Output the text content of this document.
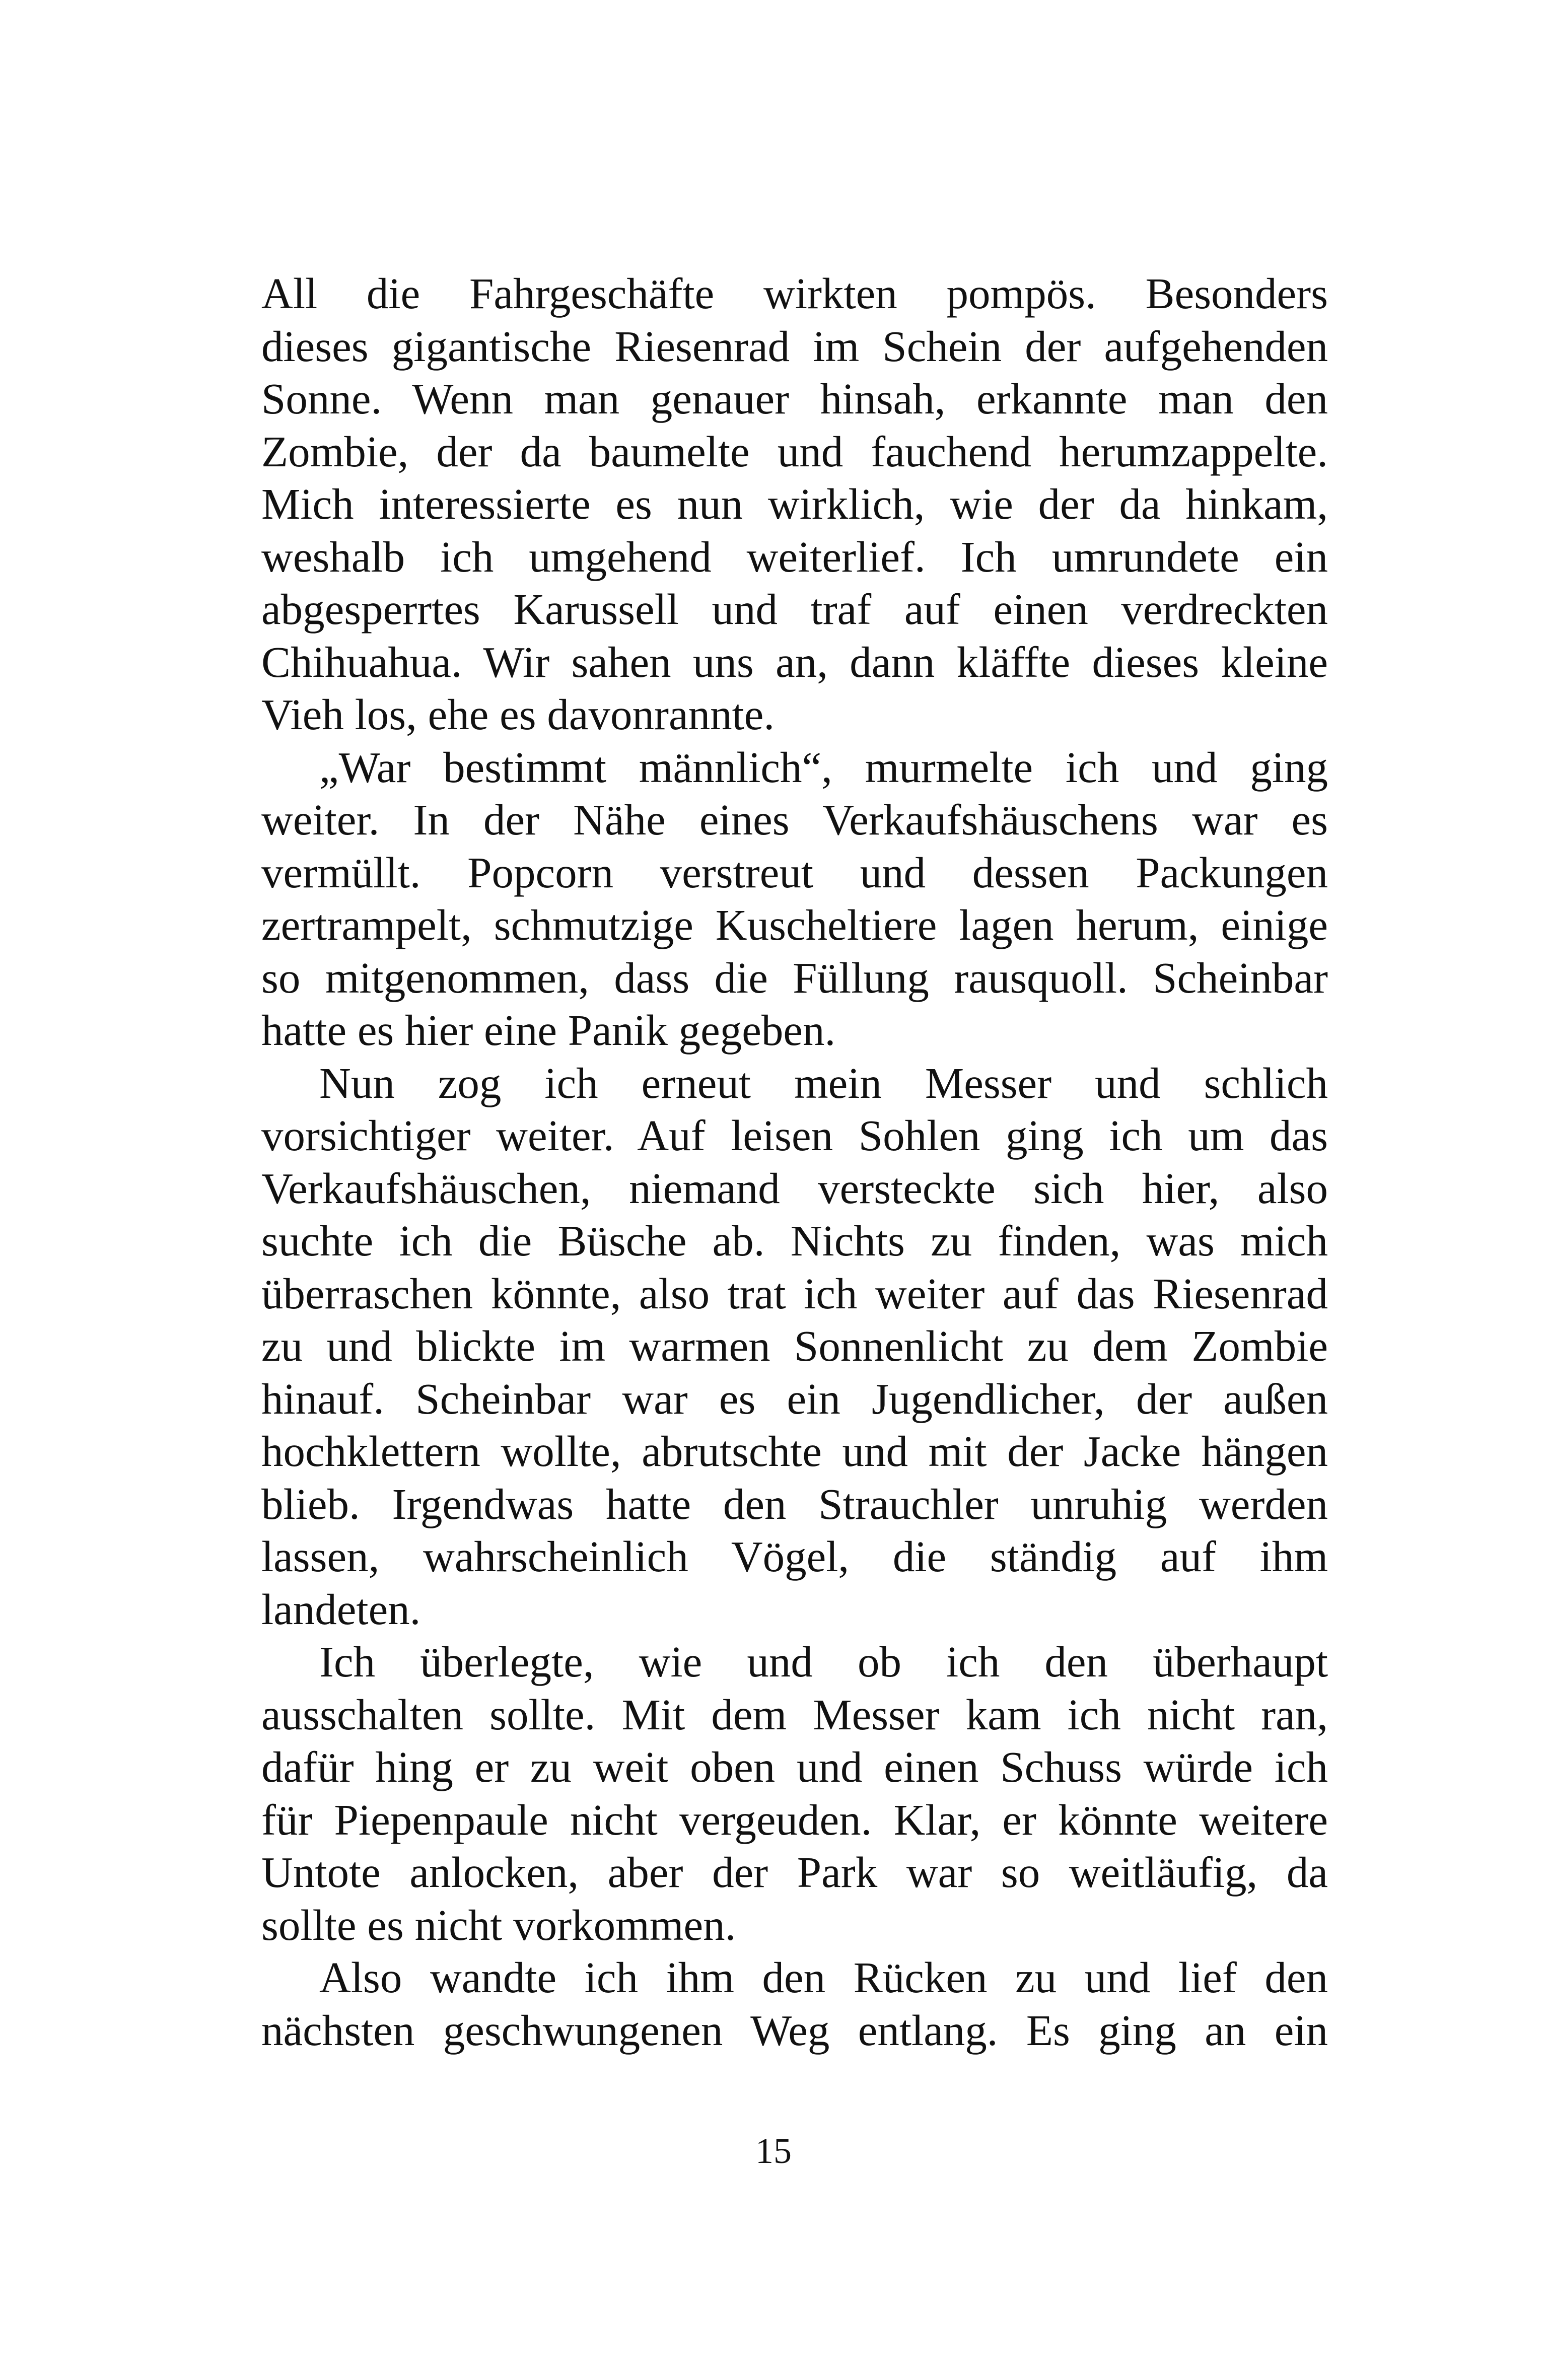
All die Fahrgeschäfte wirkten pompös. Besonders
dieses gigantische Riesenrad im Schein der aufgehenden
Sonne. Wenn man genauer hinsah, erkannte man den
Zombie, der da baumelte und fauchend herumzappelte.
Mich interessierte es nun wirklich, wie der da hinkam,
weshalb ich umgehend weiterlief. Ich umrundete ein
abgesperrtes Karussell und traf auf einen verdreckten
Chihuahua. Wir sahen uns an, dann kläffte dieses kleine
Vieh los, ehe es davonrannte.
„War bestimmt männlich“, murmelte ich und ging
weiter. In der Nähe eines Verkaufshäuschens war es
vermüllt. Popcorn verstreut und dessen Packungen
zertrampelt, schmutzige Kuscheltiere lagen herum, einige
so mitgenommen, dass die Füllung rausquoll. Scheinbar
hatte es hier eine Panik gegeben.
Nun zog ich erneut mein Messer und schlich
vorsichtiger weiter. Auf leisen Sohlen ging ich um das
Verkaufshäuschen, niemand versteckte sich hier, also
suchte ich die Büsche ab. Nichts zu finden, was mich
überraschen könnte, also trat ich weiter auf das Riesenrad
zu und blickte im warmen Sonnenlicht zu dem Zombie
hinauf. Scheinbar war es ein Jugendlicher, der außen
hochklettern wollte, abrutschte und mit der Jacke hängen
blieb. Irgendwas hatte den Strauchler unruhig werden
lassen, wahrscheinlich Vögel, die ständig auf ihm
landeten.
Ich überlegte, wie und ob ich den überhaupt
ausschalten sollte. Mit dem Messer kam ich nicht ran,
dafür hing er zu weit oben und einen Schuss würde ich
für Piepenpaule nicht vergeuden. Klar, er könnte weitere
Untote anlocken, aber der Park war so weitläufig, da
sollte es nicht vorkommen.
Also wandte ich ihm den Rücken zu und lief den
nächsten geschwungenen Weg entlang. Es ging an ein
15
